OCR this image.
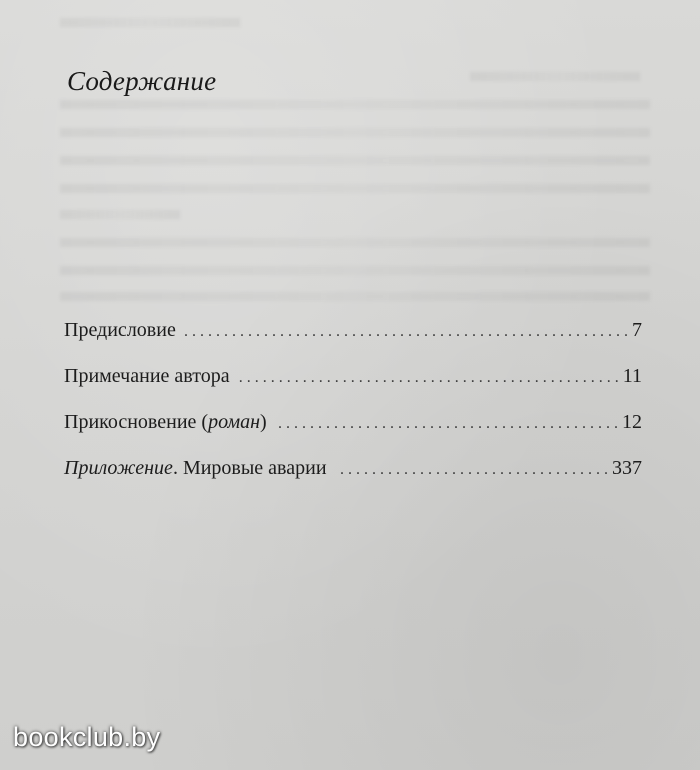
Содержание
Предисловие . . .	7
Примечание автора . . .	11
Прикосновение (роман) . . .	12
Приложение. Мировые аварии . . .	337
bookclub.by
